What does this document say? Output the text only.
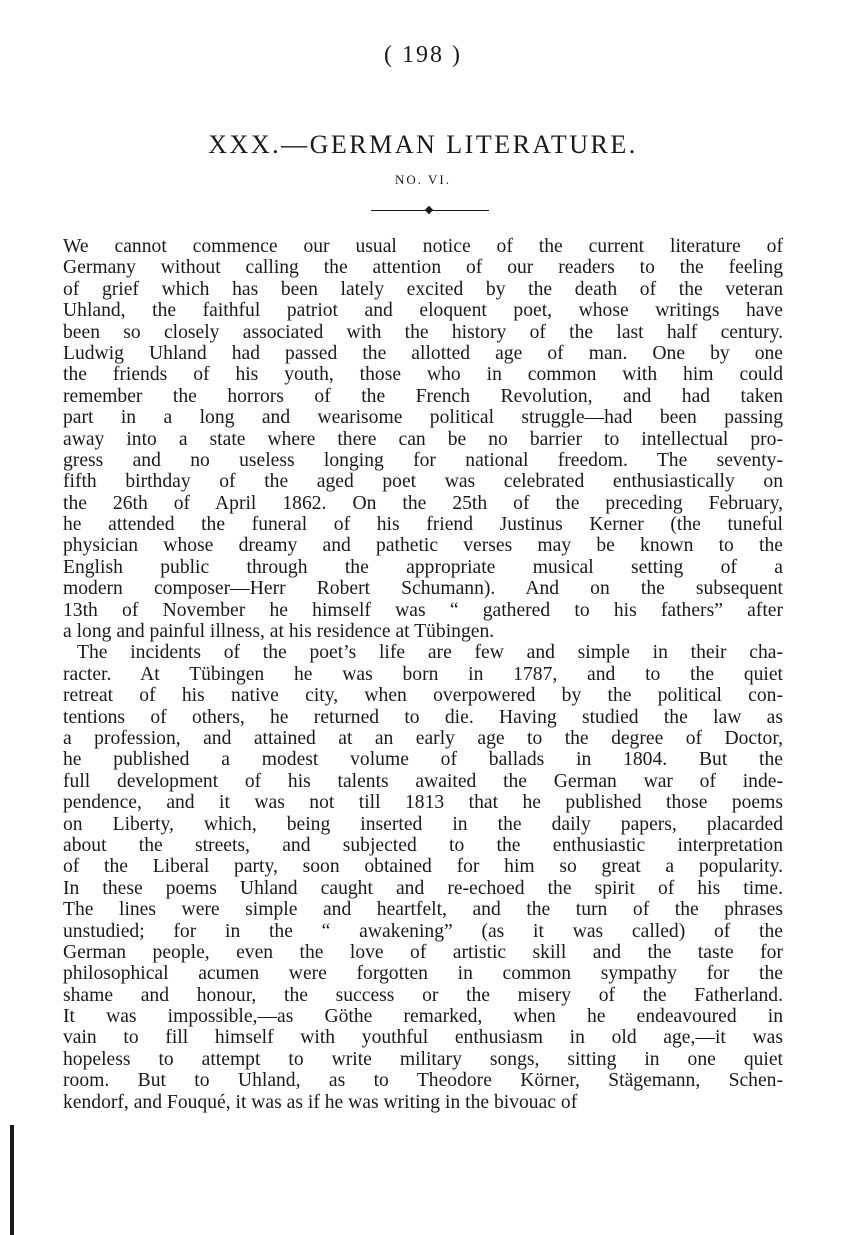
( 198 )
XXX.—GERMAN LITERATURE.
NO. VI.
We cannot commence our usual notice of the current literature of
Germany without calling the attention of our readers to the feeling
of grief which has been lately excited by the death of the veteran
Uhland, the faithful patriot and eloquent poet, whose writings have
been so closely associated with the history of the last half century.
Ludwig Uhland had passed the allotted age of man. One by one
the friends of his youth, those who in common with him could
remember the horrors of the French Revolution, and had taken
part in a long and wearisome political struggle—had been passing
away into a state where there can be no barrier to intellectual pro-
gress and no useless longing for national freedom. The seventy-
fifth birthday of the aged poet was celebrated enthusiastically on
the 26th of April 1862. On the 25th of the preceding February,
he attended the funeral of his friend Justinus Kerner (the tuneful
physician whose dreamy and pathetic verses may be known to the
English public through the appropriate musical setting of a
modern composer—Herr Robert Schumann). And on the subsequent
13th of November he himself was “ gathered to his fathers” after
a long and painful illness, at his residence at Tübingen.
The incidents of the poet’s life are few and simple in their cha-
racter. At Tübingen he was born in 1787, and to the quiet
retreat of his native city, when overpowered by the political con-
tentions of others, he returned to die. Having studied the law as
a profession, and attained at an early age to the degree of Doctor,
he published a modest volume of ballads in 1804. But the
full development of his talents awaited the German war of inde-
pendence, and it was not till 1813 that he published those poems
on Liberty, which, being inserted in the daily papers, placarded
about the streets, and subjected to the enthusiastic interpretation
of the Liberal party, soon obtained for him so great a popularity.
In these poems Uhland caught and re-echoed the spirit of his time.
The lines were simple and heartfelt, and the turn of the phrases
unstudied; for in the “ awakening” (as it was called) of the
German people, even the love of artistic skill and the taste for
philosophical acumen were forgotten in common sympathy for the
shame and honour, the success or the misery of the Fatherland.
It was impossible,—as Göthe remarked, when he endeavoured in
vain to fill himself with youthful enthusiasm in old age,—it was
hopeless to attempt to write military songs, sitting in one quiet
room. But to Uhland, as to Theodore Körner, Stägemann, Schen-
kendorf, and Fouqué, it was as if he was writing in the bivouac of
